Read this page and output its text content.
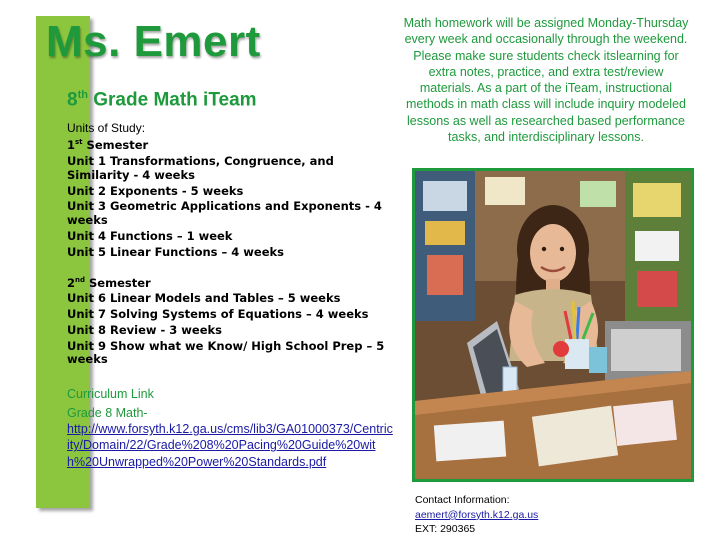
Ms. Emert
8th Grade Math iTeam

Units of Study:

1st Semester

Unit 1 Transformations, Congruence, and Similarity - 4 weeks

Unit 2 Exponents - 5 weeks

Unit 3 Geometric Applications and Exponents - 4 weeks

Unit 4 Functions – 1 week

Unit 5 Linear Functions – 4 weeks

2nd Semester

Unit 6 Linear Models and Tables – 5 weeks

Unit 7 Solving Systems of Equations – 4 weeks

Unit 8 Review - 3 weeks

Unit 9 Show what we Know/ High School Prep – 5 weeks

Curriculum Link

Grade 8 Math-

http://www.forsyth.k12.ga.us/cms/lib3/GA01000373/Centricity/Domain/22/Grade%208%20Pacing%20Guide%20with%20Unwrapped%20Power%20Standards.pdf

Math homework will be assigned Monday-Thursday every week and occasionally through the weekend. Please make sure students check itslearning for extra notes, practice, and extra test/review materials. As a part of the iTeam, instructional methods in math class will include inquiry modeled lessons as well as researched based performance tasks, and interdisciplinary lessons.

Contact Information:

aemert@forsyth.k12.ga.us

EXT: 290365
